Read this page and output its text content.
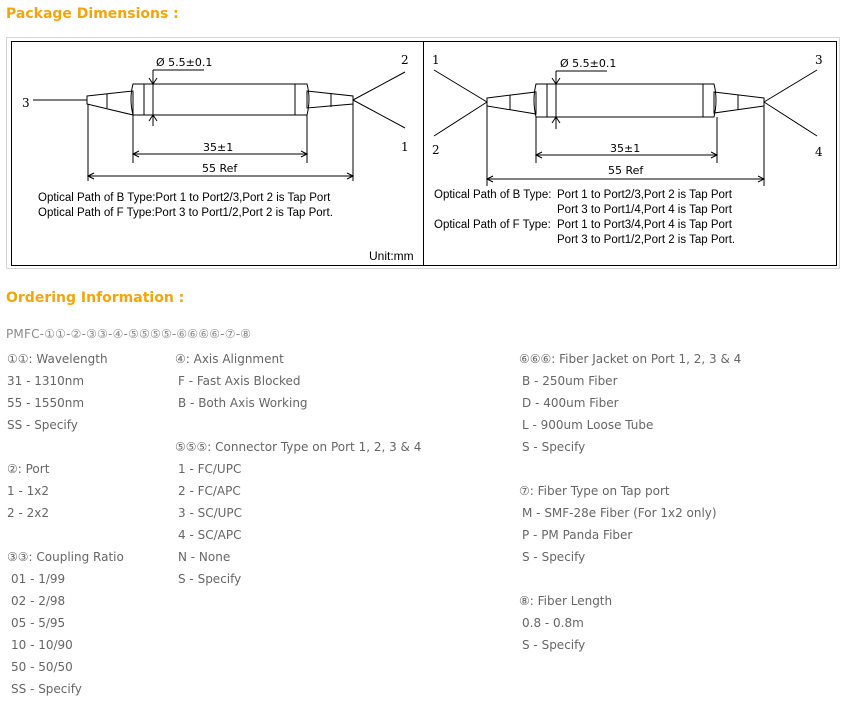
Package Dimensions :
Ø 5.5±0.1
35±1
55 Ref
3
2
1
Optical Path of B Type:Port 1 to Port2/3,Port 2 is Tap Port
Optical Path of F Type:Port 3 to Port1/2,Port 2 is Tap Port.
Unit:mm
Ø 5.5±0.1
35±1
55 Ref
1
2
3
4
Optical Path of B Type: Port 1 to Port2/3,Port 2 is Tap Port
Port 3 to Port1/4,Port 4 is Tap Port
Optical Path of F Type: Port 1 to Port3/4,Port 4 is Tap Port
Port 3 to Port1/2,Port 2 is Tap Port.
Ordering Information :
PMFC-①①-②-③③-④-⑤⑤⑤⑤-⑥⑥⑥⑥-⑦-⑧
①①: Wavelength
31 - 1310nm
55 - 1550nm
SS - Specify
②: Port
1 - 1x2
2 - 2x2
③③: Coupling Ratio
01 - 1/99
02 - 2/98
05 - 5/95
10 - 10/90
50 - 50/50
SS - Specify
④: Axis Alignment
F - Fast Axis Blocked
B - Both Axis Working
⑤⑤⑤: Connector Type on Port 1, 2, 3 & 4
1 - FC/UPC
2 - FC/APC
3 - SC/UPC
4 - SC/APC
N - None
S - Specify
⑥⑥⑥: Fiber Jacket on Port 1, 2, 3 & 4
B - 250um Fiber
D - 400um Fiber
L - 900um Loose Tube
S - Specify
⑦: Fiber Type on Tap port
M - SMF-28e Fiber (For 1x2 only)
P - PM Panda Fiber
S - Specify
⑧: Fiber Length
0.8 - 0.8m
S - Specify
